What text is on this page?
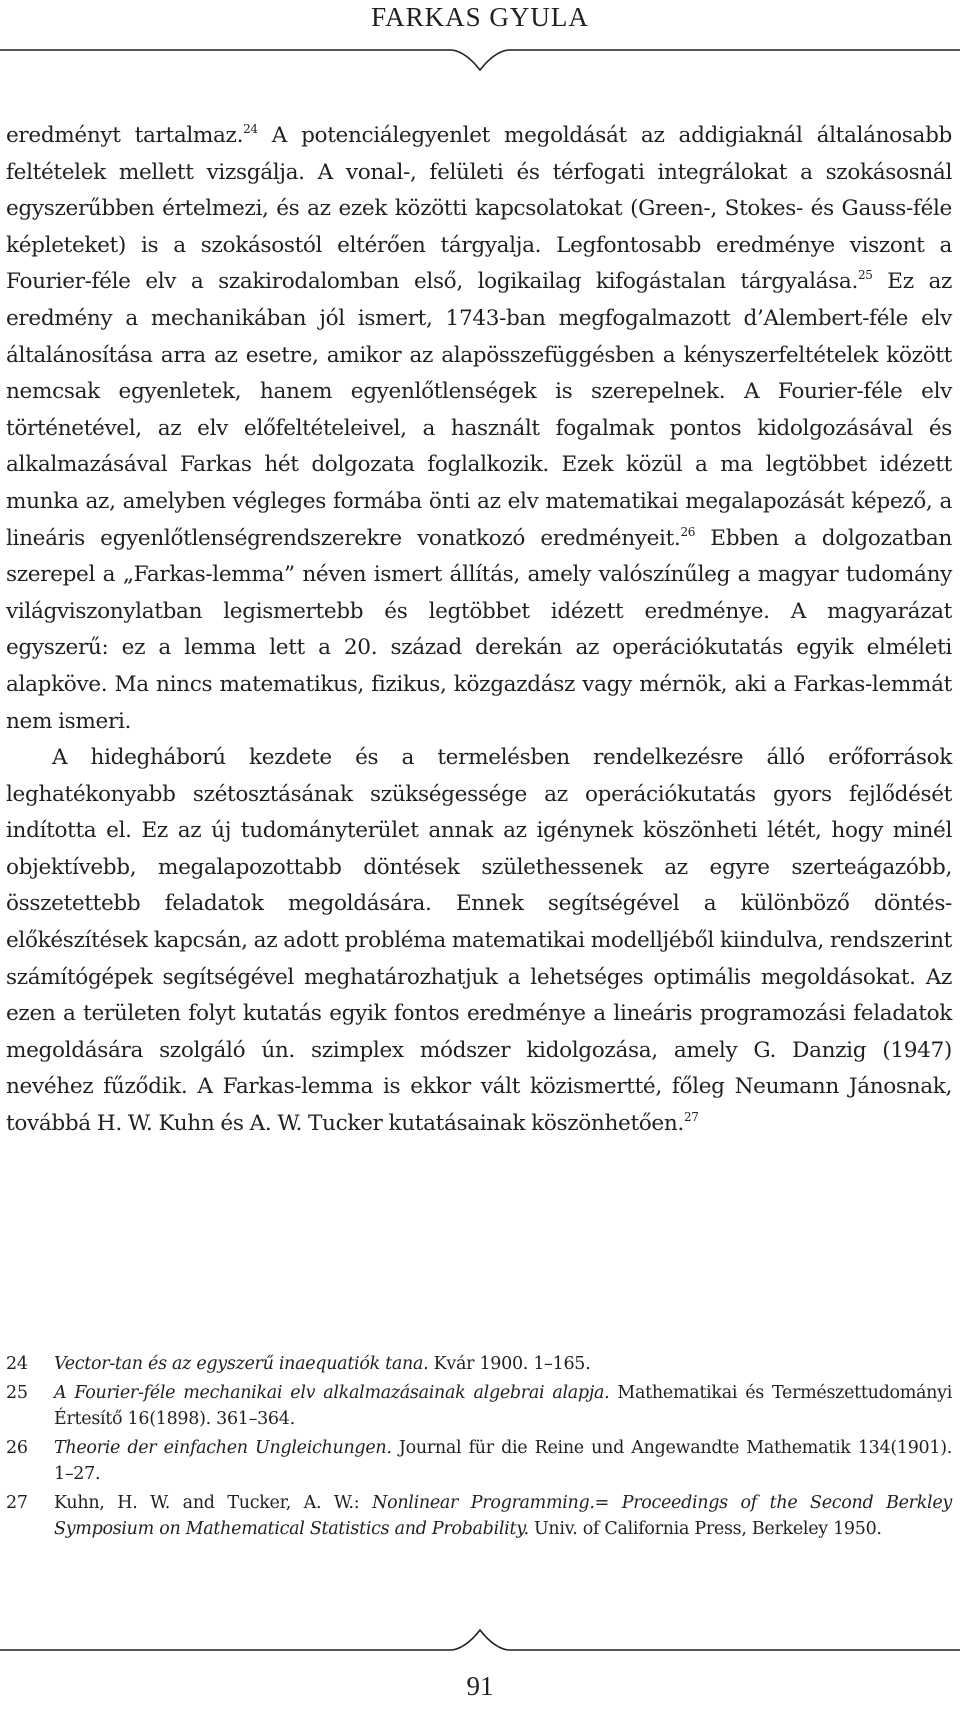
FARKAS GYULA

eredményt tartalmaz.$^{24}$ A potenciálegyenlet megoldását az addigiaknál általánosabb feltételek mellett vizsgálja. A vonal-, felületi és térfogati integrálokat a szokásosnál egyszerűbben értelmezi, és az ezek közötti kapcsolatokat (Green-, Stokes- és Gauss-féle képleteket) is a szokásostól eltérően tárgyalja. Legfontosabb eredménye viszont a Fourier-féle elv a szakirodalomban első, logikailag kifogástalan tárgyalása.$^{25}$ Ez az eredmény a mechanikában jól ismert, 1743-ban megfogalmazott d’Alembert-féle elv általánosítása arra az esetre, amikor az alapösszefüggésben a kényszerfeltételek között nemcsak egyenletek, hanem egyenlőtlenségek is szerepelnek. A Fourier-féle elv történetével, az elv előfeltételeivel, a használt fogalmak pontos kidolgozásával és alkalmazásával Farkas hét dolgozata foglalkozik. Ezek közül a ma legtöbbet idézett munka az, amelyben végleges formába önti az elv matematikai megalapozását képező, a lineáris egyenlőtlenségrendszerekre vonatkozó eredményeit.$^{26}$ Ebben a dolgozatban szerepel a „Farkas-lemma” néven ismert állítás, amely valószínűleg a magyar tudomány világviszonylatban legismertebb és legtöbbet idézett eredménye. A magyarázat egyszerű: ez a lemma lett a 20. század derekán az operációkutatás egyik elméleti alapköve. Ma nincs matematikus, fizikus, közgazdász vagy mérnök, aki a Farkas-lemmát nem ismeri.

A hidegháború kezdete és a termelésben rendelkezésre álló erőforrások leghatékonyabb szétosztásának szükségessége az operációkutatás gyors fejlődését indította el. Ez az új tudományterület annak az igénynek köszönheti létét, hogy minél objektívebb, megalapozottabb döntések születhessenek az egyre szerteágazóbb, összetettebb feladatok megoldására. Ennek segítségével a különböző döntés-előkészítések kapcsán, az adott probléma matematikai modelljéből kiindulva, rendszerint számítógépek segítségével meghatározhatjuk a lehetséges optimális megoldásokat. Az ezen a területen folyt kutatás egyik fontos eredménye a lineáris programozási feladatok megoldására szolgáló ún. szimplex módszer kidolgozása, amely G. Danzig (1947) nevéhez fűződik. A Farkas-lemma is ekkor vált közismertté, főleg Neumann Jánosnak, továbbá H. W. Kuhn és A. W. Tucker kutatásainak köszönhetően.$^{27}$

24 Vector-tan és az egyszerű inaequatiók tana. Kvár 1900. 1–165.
25 A Fourier-féle mechanikai elv alkalmazásainak algebrai alapja. Mathematikai és Természettudományi Értesítő 16(1898). 361–364.
26 Theorie der einfachen Ungleichungen. Journal für die Reine und Angewandte Mathematik 134(1901). 1–27.
27 Kuhn, H. W. and Tucker, A. W.: Nonlinear Programming.= Proceedings of the Second Berkley Symposium on Mathematical Statistics and Probability. Univ. of California Press, Berkeley 1950.
91
